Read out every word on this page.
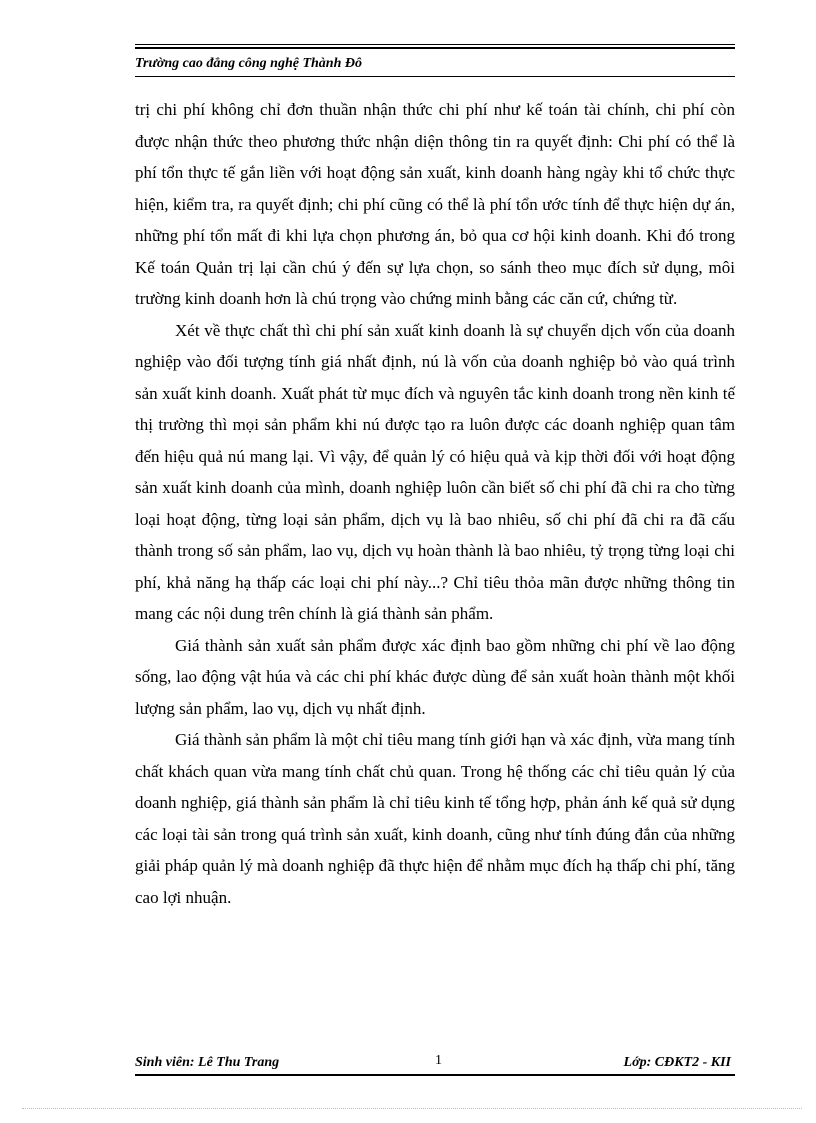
Trường cao đẳng công nghệ Thành Đô

trị chi phí không chỉ đơn thuần nhận thức chi phí như kế toán tài chính, chi phí còn được nhận thức theo phương thức nhận diện thông tin ra quyết định: Chi phí có thể là phí tổn thực tế gắn liền với hoạt động sản xuất, kinh doanh hàng ngày khi tổ chức thực hiện, kiểm tra, ra quyết định; chi phí cũng có thể là phí tổn ước tính để thực hiện dự án, những phí tổn mất đi khi lựa chọn phương án, bỏ qua cơ hội kinh doanh. Khi đó trong Kế toán Quản trị lại cần chú ý đến sự lựa chọn, so sánh theo mục đích sử dụng, môi trường kinh doanh hơn là chú trọng vào chứng minh bằng các căn cứ, chứng từ.

Xét về thực chất thì chi phí sản xuất kinh doanh là sự chuyển dịch vốn của doanh nghiệp vào đối tượng tính giá nhất định, nú là vốn của doanh nghiệp bỏ vào quá trình sản xuất kinh doanh. Xuất phát từ mục đích và nguyên tắc kinh doanh trong nền kinh tế thị trường thì mọi sản phẩm khi nú được tạo ra luôn được các doanh nghiệp quan tâm đến hiệu quả nú mang lại. Vì vậy, để quản lý có hiệu quả và kịp thời đối với hoạt động sản xuất kinh doanh của mình, doanh nghiệp luôn cần biết số chi phí đã chi ra cho từng loại hoạt động, từng loại sản phẩm, dịch vụ là bao nhiêu, số chi phí đã chi ra đã cấu thành trong số sản phẩm, lao vụ, dịch vụ hoàn thành là bao nhiêu, tỷ trọng từng loại chi phí, khả năng hạ thấp các loại chi phí này...? Chỉ tiêu thỏa mãn được những thông tin mang các nội dung trên chính là giá thành sản phẩm.

Giá thành sản xuất sản phẩm được xác định bao gồm những chi phí về lao động sống, lao động vật húa và các chi phí khác được dùng để sản xuất hoàn thành một khối lượng sản phẩm, lao vụ, dịch vụ nhất định.

Giá thành sản phẩm là một chỉ tiêu mang tính giới hạn và xác định, vừa mang tính chất khách quan vừa mang tính chất chủ quan. Trong hệ thống các chỉ tiêu quản lý của doanh nghiệp, giá thành sản phẩm là chỉ tiêu kinh tế tổng hợp, phản ánh kế quả sử dụng các loại tài sản trong quá trình sản xuất, kinh doanh, cũng như tính đúng đắn của những giải pháp quản lý mà doanh nghiệp đã thực hiện để nhằm mục đích hạ thấp chi phí, tăng cao lợi nhuận.

Sinh viên: Lê Thu Trang	1	Lớp: CĐKT2 - KII
